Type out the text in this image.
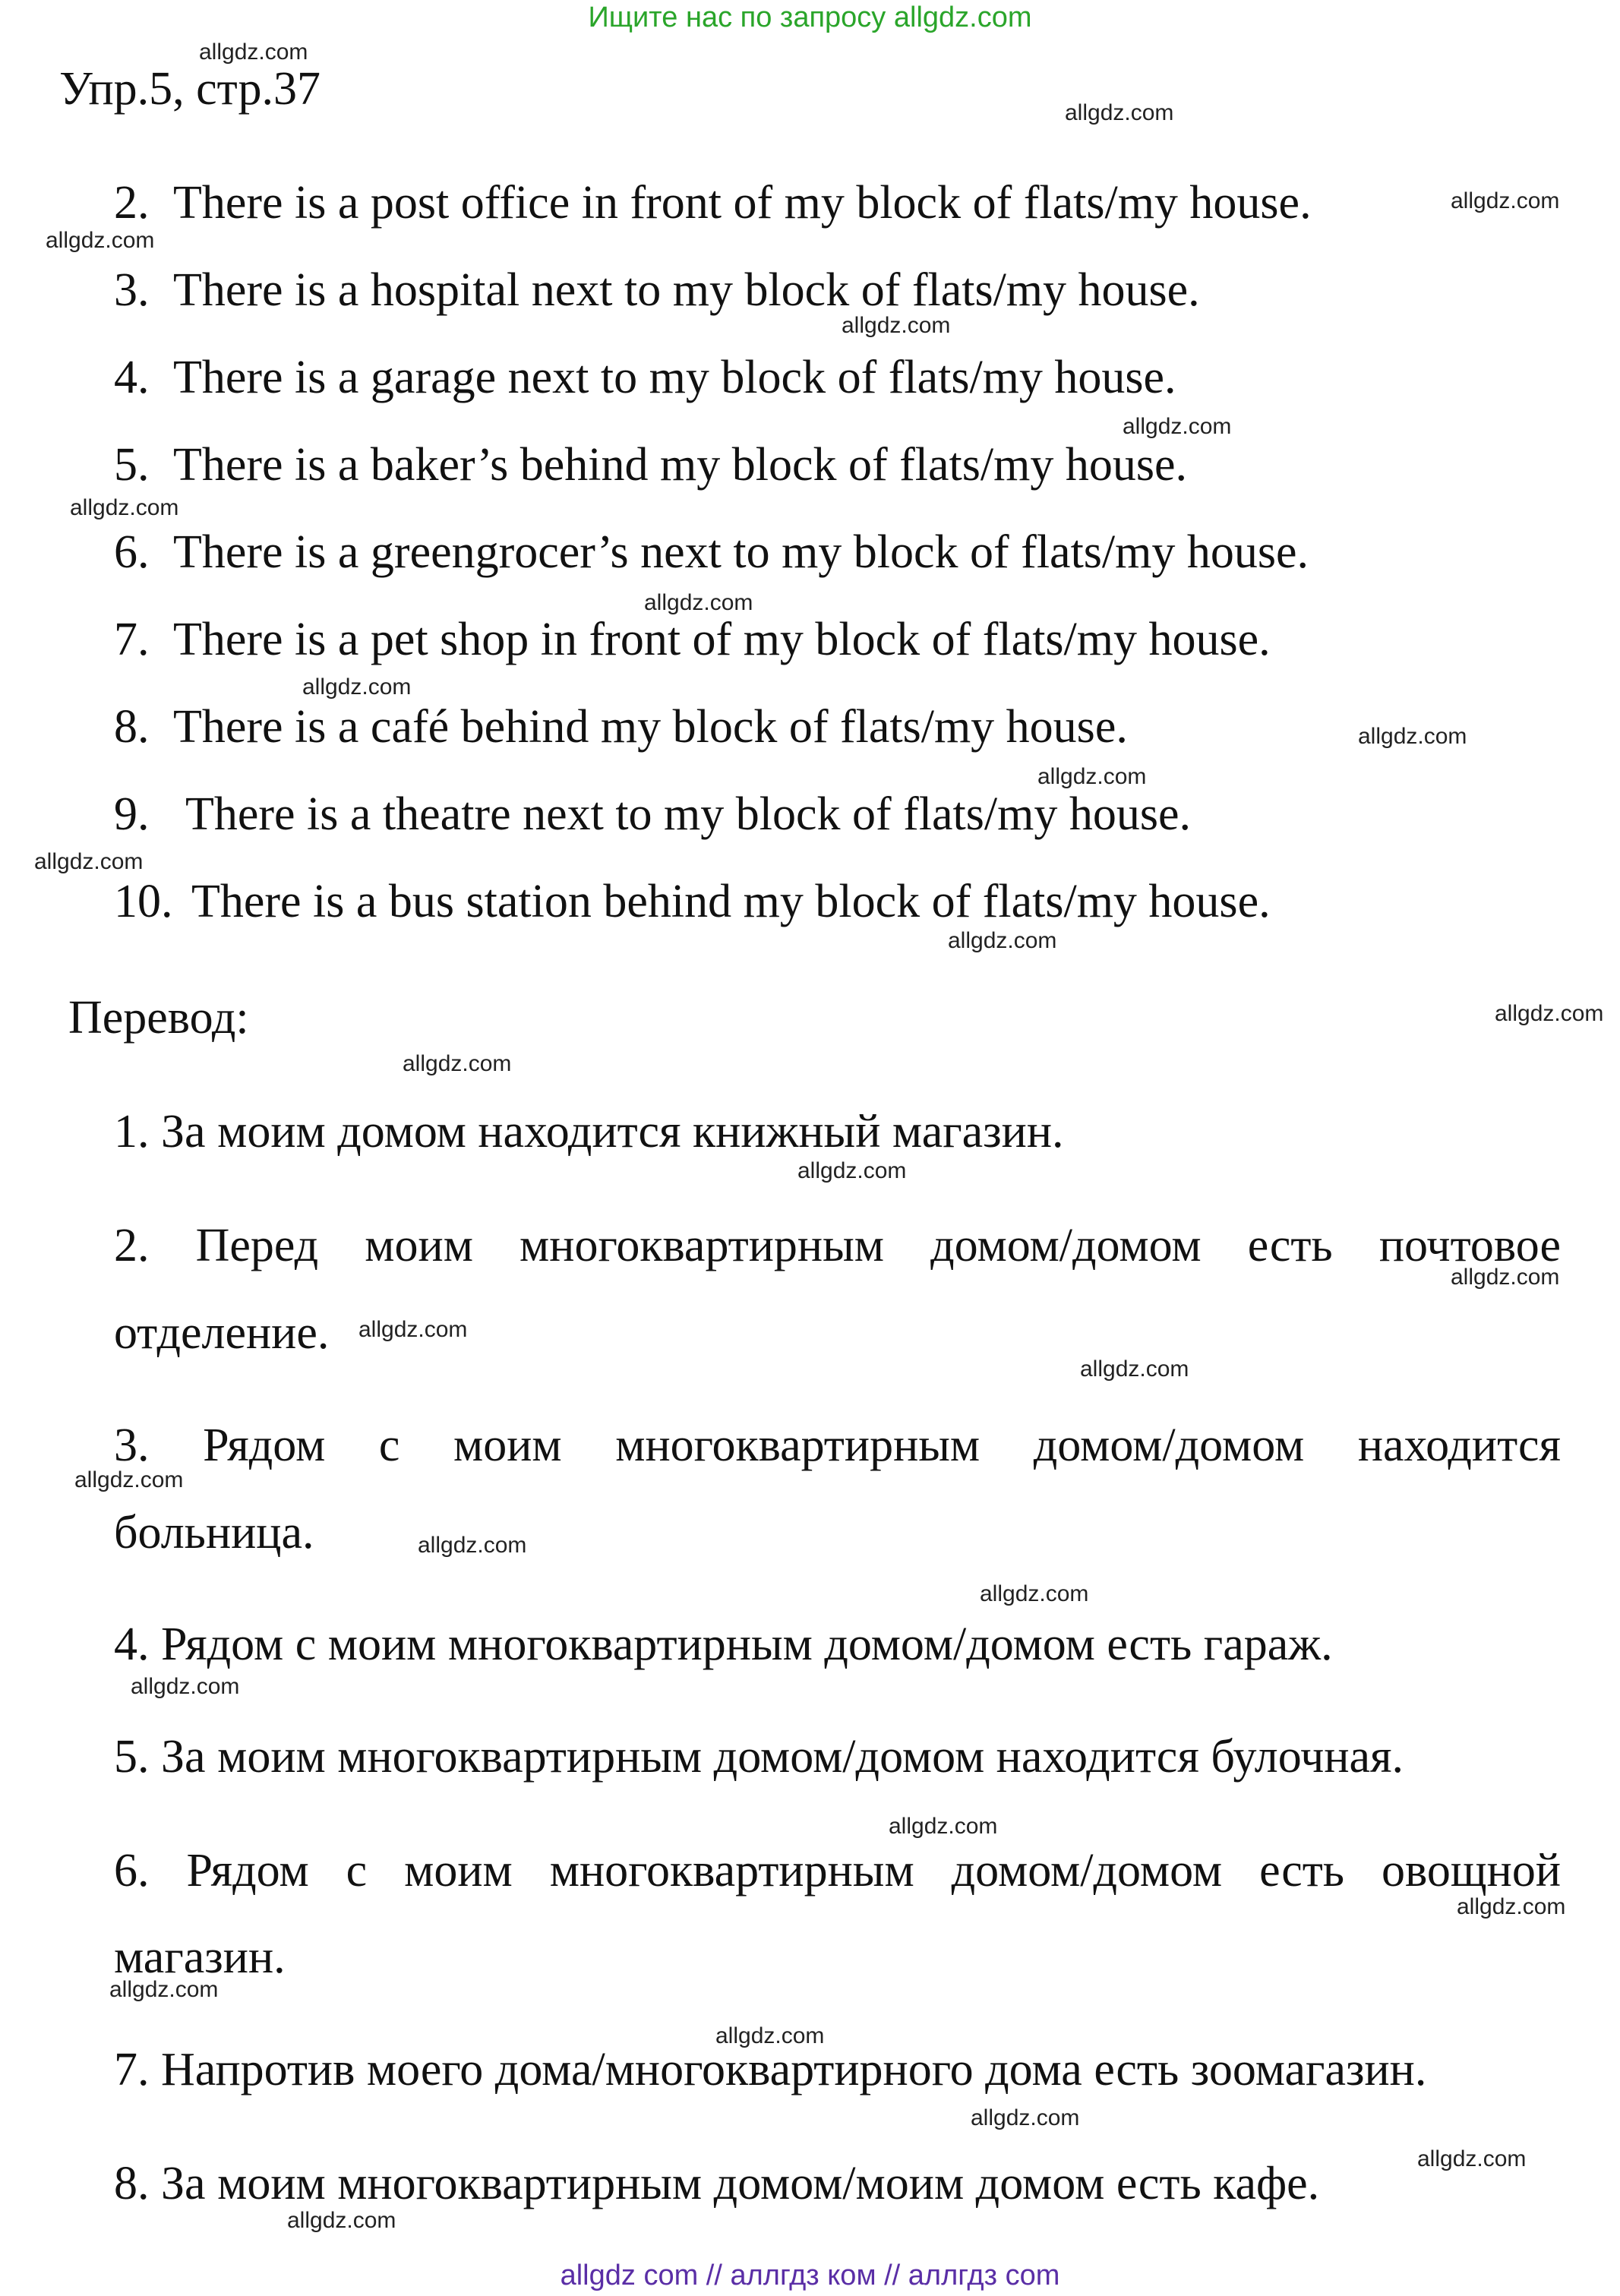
Ищите нас по запросу allgdz.com
Упр.5, стр.37
2. There is a post office in front of my block of flats/my house.
3. There is a hospital next to my block of flats/my house.
4. There is a garage next to my block of flats/my house.
5. There is a baker’s behind my block of flats/my house.
6. There is a greengrocer’s next to my block of flats/my house.
7. There is a pet shop in front of my block of flats/my house.
8. There is a café behind my block of flats/my house.
9. There is a theatre next to my block of flats/my house.
10. There is a bus station behind my block of flats/my house.
Перевод:
1. За моим домом находится книжный магазин.
2. Перед моим многоквартирным домом/домом есть почтовое
отделение.
3. Рядом с моим многоквартирным домом/домом находится
больница.
4. Рядом с моим многоквартирным домом/домом есть гараж.
5. За моим многоквартирным домом/домом находится булочная.
6. Рядом с моим многоквартирным домом/домом есть овощной
магазин.
7. Напротив моего дома/многоквартирного дома есть зоомагазин.
8. За моим многоквартирным домом/моим домом есть кафе.
allgdz.com
allgdz.com
allgdz.com
allgdz.com
allgdz.com
allgdz.com
allgdz.com
allgdz.com
allgdz.com
allgdz.com
allgdz.com
allgdz.com
allgdz.com
allgdz.com
allgdz.com
allgdz.com
allgdz.com
allgdz.com
allgdz.com
allgdz.com
allgdz.com
allgdz.com
allgdz.com
allgdz.com
allgdz.com
allgdz.com
allgdz.com
allgdz.com
allgdz.com
allgdz.com
allgdz com // аллгдз ком // аллгдз com
